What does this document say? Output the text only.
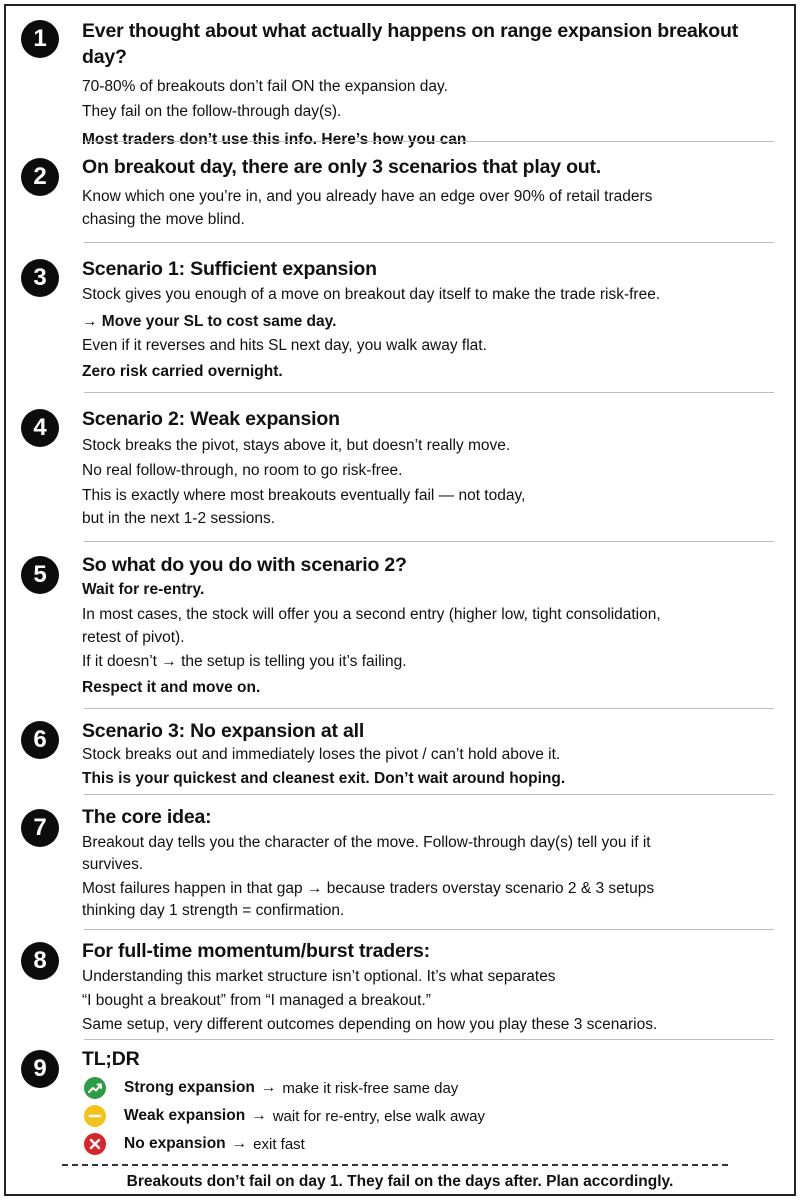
1	Ever thought about what actually happens on range expansion breakout day?

70-80% of breakouts don’t fail ON the expansion day.

They fail on the follow-through day(s).

Most traders don’t use this info. Here’s how you can

2	On breakout day, there are only 3 scenarios that play out.

Know which one you’re in, and you already have an edge over 90% of retail traders

chasing the move blind.

3	Scenario 1: Sufficient expansion

Stock gives you enough of a move on breakout day itself to make the trade risk-free.

→ Move your SL to cost same day.

Even if it reverses and hits SL next day, you walk away flat.

Zero risk carried overnight.

4	Scenario 2: Weak expansion

Stock breaks the pivot, stays above it, but doesn’t really move.

No real follow-through, no room to go risk-free.

This is exactly where most breakouts eventually fail — not today,

but in the next 1-2 sessions.

5	So what do you do with scenario 2?

Wait for re-entry.

In most cases, the stock will offer you a second entry (higher low, tight consolidation,

retest of pivot).

If it doesn’t → the setup is telling you it’s failing.

Respect it and move on.

6	Scenario 3: No expansion at all

Stock breaks out and immediately loses the pivot / can’t hold above it.

This is your quickest and cleanest exit. Don’t wait around hoping.

7	The core idea:

Breakout day tells you the character of the move. Follow-through day(s) tell you if it

survives.

Most failures happen in that gap → because traders overstay scenario 2 & 3 setups

thinking day 1 strength = confirmation.

8	For full-time momentum/burst traders:

Understanding this market structure isn’t optional. It’s what separates

“I bought a breakout” from “I managed a breakout.”

Same setup, very different outcomes depending on how you play these 3 scenarios.

9	TL;DR

Strong expansion → make it risk-free same day
Weak expansion → wait for re-entry, else walk away
No expansion → exit fast
Breakouts don’t fail on day 1. They fail on the days after. Plan accordingly.
